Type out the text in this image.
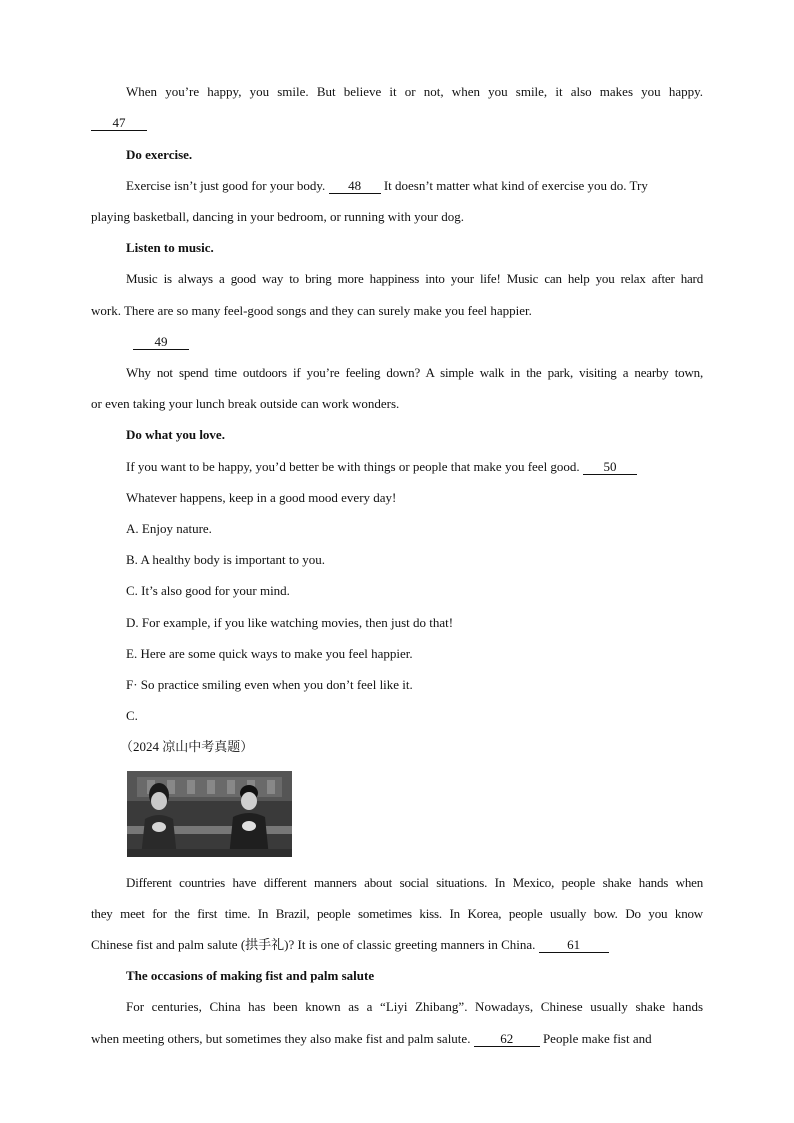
When you’re happy, you smile. But believe it or not, when you smile, it also makes you happy.
47
Do exercise.
Exercise isn’t just good for your body. 48 It doesn’t matter what kind of exercise you do. Try
playing basketball, dancing in your bedroom, or running with your dog.
Listen to music.
Music is always a good way to bring more happiness into your life! Music can help you relax after hard
work. There are so many feel-good songs and they can surely make you feel happier.
49
Why not spend time outdoors if you’re feeling down? A simple walk in the park, visiting a nearby town,
or even taking your lunch break outside can work wonders.
Do what you love.
If you want to be happy, you’d better be with things or people that make you feel good. 50
Whatever happens, keep in a good mood every day!
A. Enjoy nature.
B. A healthy body is important to you.
C. It’s also good for your mind.
D. For example, if you like watching movies, then just do that!
E. Here are some quick ways to make you feel happier.
F· So practice smiling even when you don’t feel like it.
C.
（2024 凉山中考真题）
Different countries have different manners about social situations. In Mexico, people shake hands when
they meet for the first time. In Brazil, people sometimes kiss. In Korea, people usually bow. Do you know
Chinese fist and palm salute (拱手礼)? It is one of classic greeting manners in China. 61
The occasions of making fist and palm salute
For centuries, China has been known as a “Liyi Zhibang”. Nowadays, Chinese usually shake hands
when meeting others, but sometimes they also make fist and palm salute. 62 People make fist and
